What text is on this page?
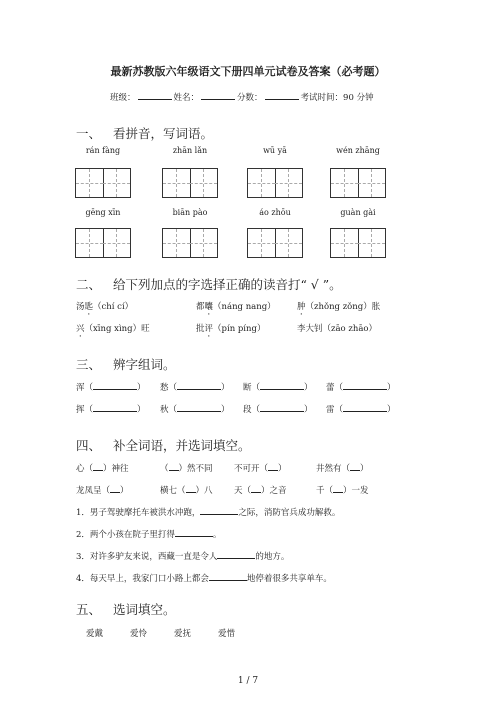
最新苏教版六年级语文下册四单元试卷及答案（必考题）
班级：	姓名：	分数：	考试时间：90 分钟
一、 看拼音，写词语。
rán fàng	zhān lǎn	wū yā	wén zhāng
gēng xīn	biān pào	áo zhōu	guàn gài
二、 给下列加点的字选择正确的读音打“ √ ”。
汤匙（chí cí）	都囔（náng nang）	肿（zhǒng zǒng）胀
兴（xīng xìng）旺	批评（pín píng）	李大钊（zāo zhāo）
三、 辨字组词。
浑（	） 愁（	） 断（	） 蕾（	）
挥（	） 秋（	） 段（	） 雷（	）
四、 补全词语，并选词填空。
心（ ）神往	（ ）然不同	不可开（ ）	井然有（ ）
龙凤呈（ ）	横七（ ）八	天（ ）之音	千（ ）一发
1．男子驾驶摩托车被洪水冲跑，	之际，消防官兵成功解救。
2．两个小孩在院子里打得	。
3．对许多驴友来说，西藏一直是令人	的地方。
4．每天早上，我家门口小路上都会	地停着很多共享单车。
五、 选词填空。
爱戴	爱怜	爱抚	爱惜
1 / 7
